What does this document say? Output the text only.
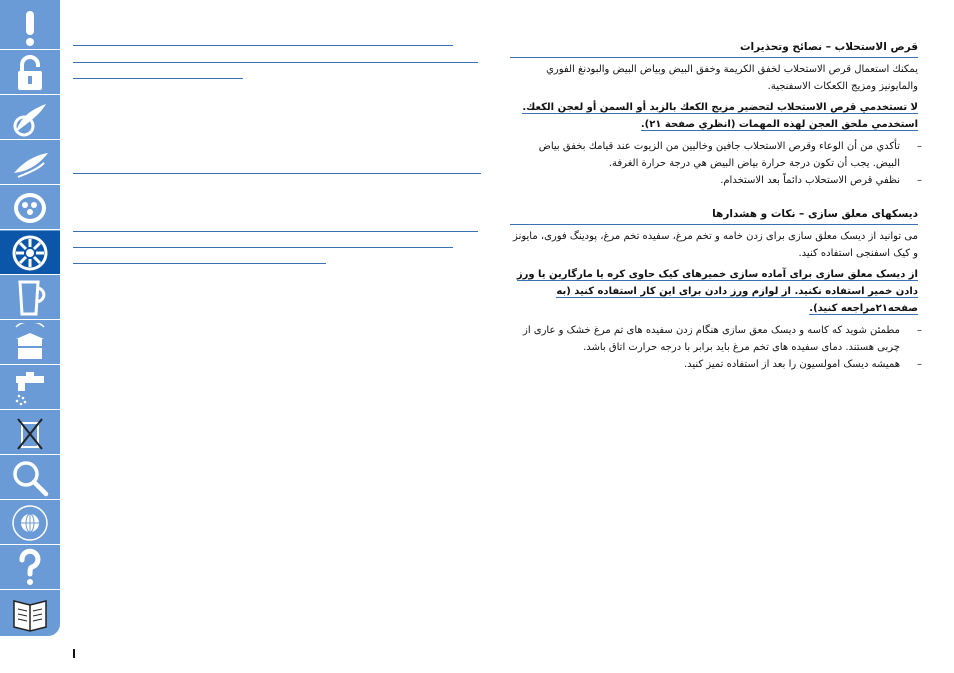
قرص الاستحلاب – نصائح وتحذيرات
يمكنك استعمال قرص الاستحلاب لخفق الكريمة وخفق البيض وبياض البيض والبودنغ الفوري والمايونيز ومزيج الكعكات الاسفنجية.
لا تستخدمي قرص الاستحلاب لتحضير مزيج الكعك بالزبد أو السمن أو لعجن الكعك. استخدمي ملحق العجن لهذه المهمات (انظري صفحة ٢١).
–
تأكدي من أن الوعاء وقرص الاستحلاب جافين وخاليين من الزيوت عند قيامك بخفق بياض البيض. يجب أن تكون درجة حرارة بياض البيض هي درجة حرارة الغرفة.
–
نظفي قرص الاستحلاب دائماً بعد الاستخدام.
دیسکهای معلق سازی – نکات و هشدارها
می توانید از دیسک معلق سازی برای زدن خامه و تخم مرغ، سفیده تخم مرغ، پودینگ فوری، مایونز و کیک اسفنجی استفاده کنید.
از دیسک معلق سازی برای آماده سازی خمیرهای کیک حاوی کره یا مارگارین یا ورز دادن خمیر استفاده نکنید. از لوازم ورز دادن برای این کار استفاده کنید (به صفحه۲۱مراجعه کنید).
–
مطمئن شوید که کاسه و دیسک معق سازی هنگام زدن سفیده های تم مرغ خشک و عاری از چربی هستند. دمای سفیده های تخم مرغ باید برابر با درجه حرارت اتاق باشد.
–
همیشه دیسک امولسیون را بعد از استفاده تمیز کنید.
